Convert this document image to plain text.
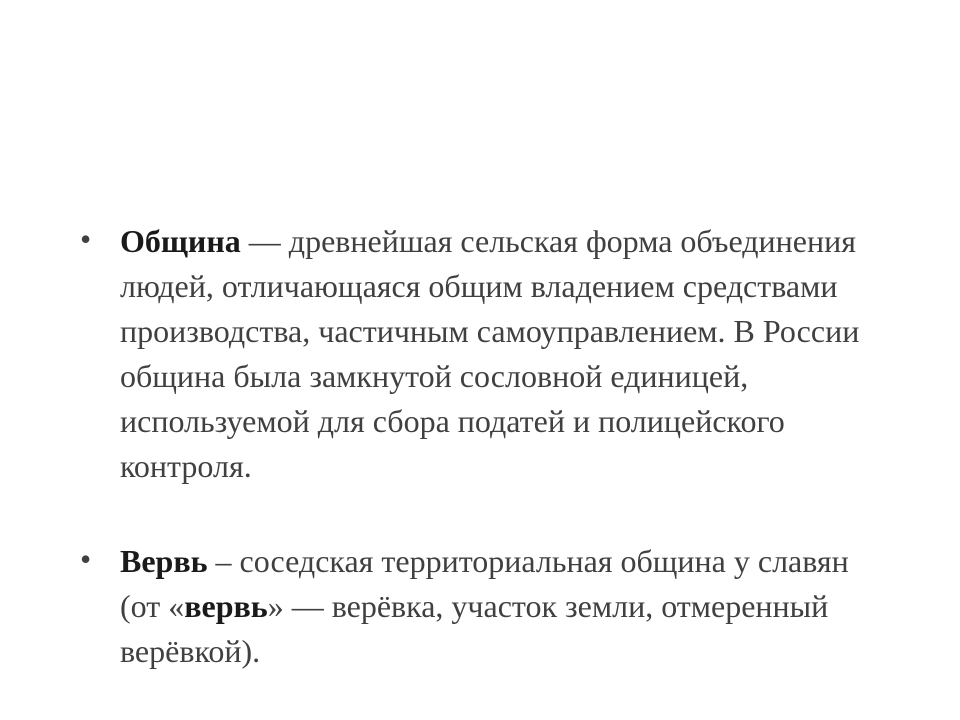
• Община — древнейшая сельская форма объединения людей, отличающаяся общим владением средствами производства, частичным самоуправлением. В России община была замкнутой сословной единицей, используемой для сбора податей и полицейского контроля.
• Вервь – соседская территориальная община у славян (от «вервь» — верёвка, участок земли, отмеренный верёвкой).
